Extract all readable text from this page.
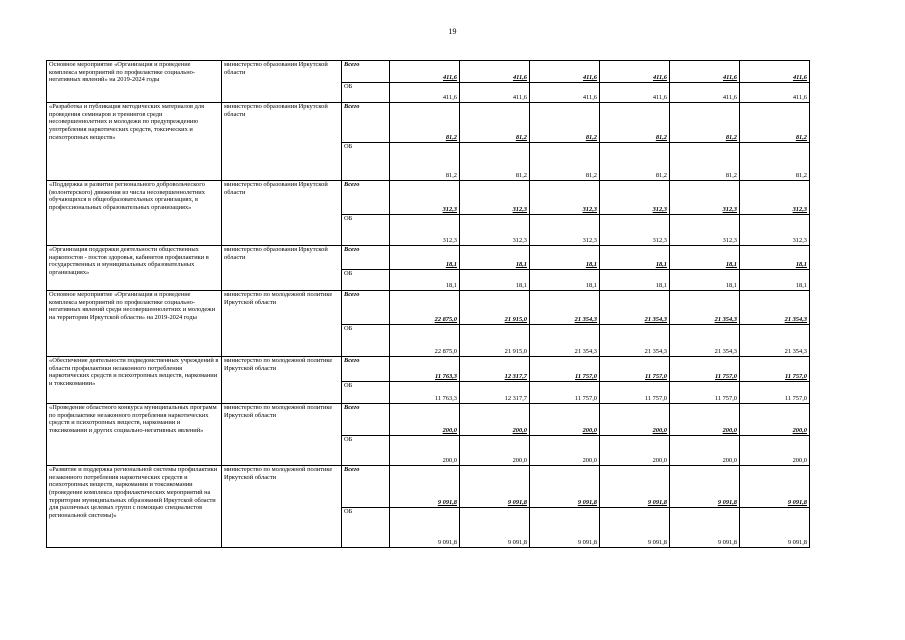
19
Основное мероприятие «Организация и проведение комплекса мероприятий по профилактике социально-негативных явлений» на 2019-2024 годы	министерство образования Иркутской области	Всего	411,6	411,6	411,6	411,6	411,6	411,6
		ОБ	411,6	411,6	411,6	411,6	411,6	411,6
«Разработка и публикация методических материалов для проведения семинаров и тренингов среди несовершеннолетних и молодежи по предупреждению употребления наркотических средств, токсических и психотропных веществ»	министерство образования Иркутской области	Всего	81,2	81,2	81,2	81,2	81,2	81,2
		ОБ	81,2	81,2	81,2	81,2	81,2	81,2
«Поддержка и развитие регионального добровольческого (волонтерского) движения из числа несовершеннолетних обучающихся в общеобразовательных организациях, в профессиональных образовательных организациях»	министерство образования Иркутской области	Всего	312,3	312,3	312,3	312,3	312,3	312,3
		ОБ	312,3	312,3	312,3	312,3	312,3	312,3
«Организация поддержки деятельности общественных наркопостов - постов здоровья, кабинетов профилактики в государственных и муниципальных образовательных организациях»	министерство образования Иркутской области	Всего	18,1	18,1	18,1	18,1	18,1	18,1
		ОБ	18,1	18,1	18,1	18,1	18,1	18,1
Основное мероприятие «Организация и проведение комплекса мероприятий по профилактике социально-негативных явлений среди несовершеннолетних и молодежи на территории Иркутской области» на 2019-2024 годы	министерство по молодежной политике Иркутской области	Всего	22 875,0	21 915,0	21 354,3	21 354,3	21 354,3	21 354,3
		ОБ	22 875,0	21 915,0	21 354,3	21 354,3	21 354,3	21 354,3
«Обеспечение деятельности подведомственных учреждений в области профилактики незаконного потребления наркотических средств и психотропных веществ, наркомании и токсикомании»	министерство по молодежной политике Иркутской области	Всего	11 763,3	12 317,7	11 757,0	11 757,0	11 757,0	11 757,0
		ОБ	11 763,3	12 317,7	11 757,0	11 757,0	11 757,0	11 757,0
«Проведение областного конкурса муниципальных программ по профилактике незаконного потребления наркотических средств и психотропных веществ, наркомании и токсикомании и других социально-негативных явлений»	министерство по молодежной политике Иркутской области	Всего	200,0	200,0	200,0	200,0	200,0	200,0
		ОБ	200,0	200,0	200,0	200,0	200,0	200,0
«Развитие и поддержка региональной системы профилактики незаконного потребления наркотических средств и психотропных веществ, наркомании и токсикомании (проведение комплекса профилактических мероприятий на территории муниципальных образований Иркутской области для различных целевых групп с помощью специалистов региональной системы)»	министерство по молодежной политике Иркутской области	Всего	9 091,8	9 091,8	9 091,8	9 091,8	9 091,8	9 091,8
		ОБ	9 091,8	9 091,8	9 091,8	9 091,8	9 091,8	9 091,8
